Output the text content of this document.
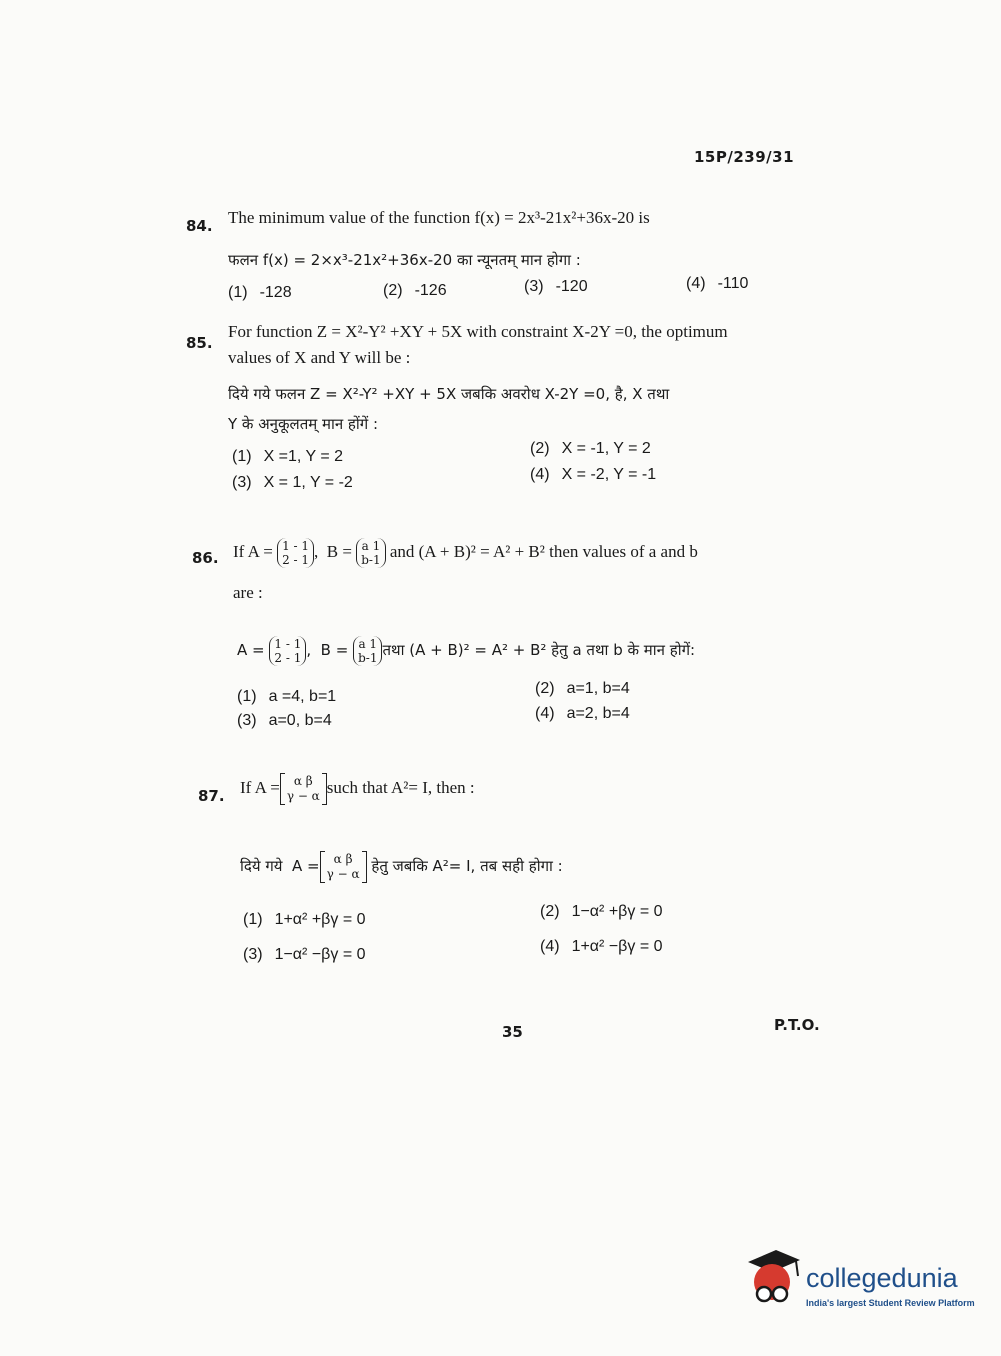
15P/239/31
84. The minimum value of the function f(x) = 2x³-21x²+36x-20 is
फलन f(x) = 2×x³-21x²+36x-20 का न्यूनतम् मान होगा :
(1) -128	(2) -126	(3) -120	(4) -110
85.
For function Z = X²-Y² +XY + 5X with constraint X-2Y =0, the optimum
values of X and Y will be :
दिये गये फलन Z = X²-Y² +XY + 5X जबकि अवरोध X-2Y =0, है, X तथा
Y के अनुकूलतम् मान होंगें :
(1) X =1, Y = 2	(2) X = -1, Y = 2
(3) X = 1, Y = -2	(4) X = -2, Y = -1
86. If A = 1 - 1
2 - 1 ,  B = a 1
b-1 and (A + B)² = A² + B² then values of a and b
are :
A = 1 - 1
2 - 1 ,  B = a 1
b-1 तथा (A + B)² = A² + B² हेतु a तथा b के मान होगें:
(1) a =4, b=1	(2) a=1, b=4
(3) a=0, b=4	(4) a=2, b=4
87. If A =	α β
γ − α such that A²= I, then :
दिये गये A =	α β
γ − α हेतु जबकि A²= I, तब सही होगा :
(1) 1+α² +βγ = 0	(2) 1−α² +βγ = 0
(3) 1−α² −βγ = 0	(4) 1+α² −βγ = 0
35	P.T.O.
collegedunia
India's largest Student Review Platform
